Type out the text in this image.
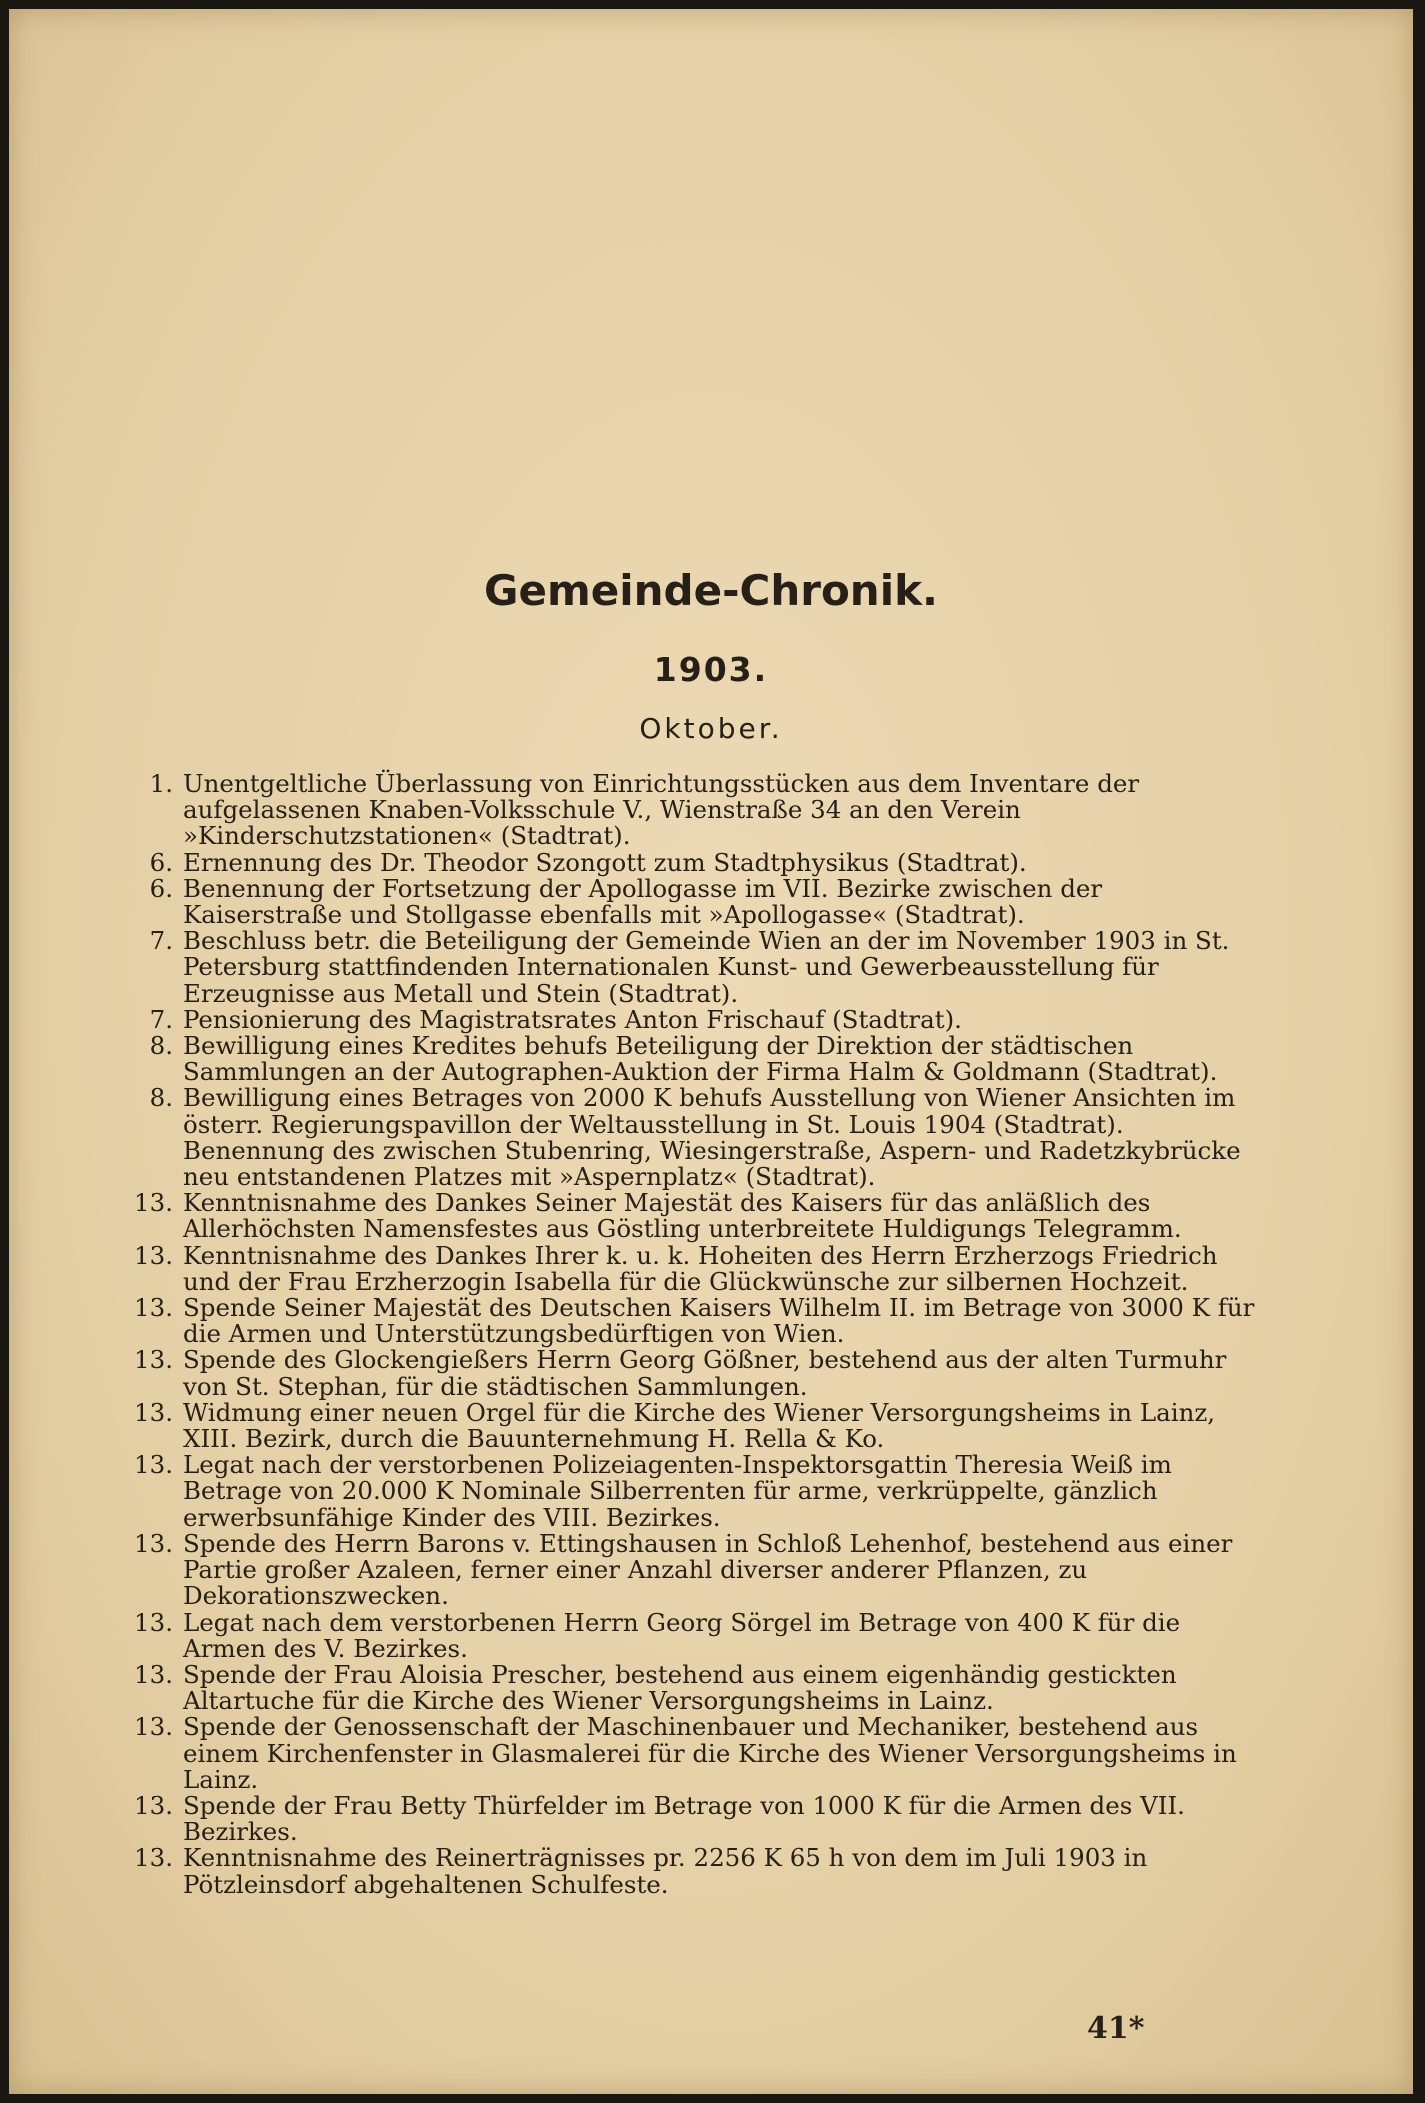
Gemeinde-Chronik.
1903.
Oktober.

1. Unentgeltliche Überlassung von Einrichtungsstücken aus dem Inventare der aufgelassenen Knaben-Volksschule V., Wienstraße 34 an den Verein »Kinderschutzstationen« (Stadtrat).

6. Ernennung des Dr. Theodor Szongott zum Stadtphysikus (Stadtrat).

6. Benennung der Fortsetzung der Apollogasse im VII. Bezirke zwischen der Kaiserstraße und Stollgasse ebenfalls mit »Apollogasse« (Stadtrat).

7. Beschluss betr. die Beteiligung der Gemeinde Wien an der im November 1903 in St. Petersburg stattfindenden Internationalen Kunst- und Gewerbeausstellung für Erzeugnisse aus Metall und Stein (Stadtrat).

7. Pensionierung des Magistratsrates Anton Frischauf (Stadtrat).

8. Bewilligung eines Kredites behufs Beteiligung der Direktion der städtischen Sammlungen an der Autographen-Auktion der Firma Halm & Goldmann (Stadtrat).

8. Bewilligung eines Betrages von 2000 K behufs Ausstellung von Wiener Ansichten im österr. Regierungspavillon der Weltausstellung in St. Louis 1904 (Stadtrat).

Benennung des zwischen Stubenring, Wiesingerstraße, Aspern- und Radetzkybrücke neu entstandenen Platzes mit »Aspernplatz« (Stadtrat).

13. Kenntnisnahme des Dankes Seiner Majestät des Kaisers für das anläßlich des Allerhöchsten Namensfestes aus Göstling unterbreitete Huldigungs Telegramm.

13. Kenntnisnahme des Dankes Ihrer k. u. k. Hoheiten des Herrn Erzherzogs Friedrich und der Frau Erzherzogin Isabella für die Glückwünsche zur silbernen Hochzeit.

13. Spende Seiner Majestät des Deutschen Kaisers Wilhelm II. im Betrage von 3000 K für die Armen und Unterstützungsbedürftigen von Wien.

13. Spende des Glockengießers Herrn Georg Gößner, bestehend aus der alten Turmuhr von St. Stephan, für die städtischen Sammlungen.

13. Widmung einer neuen Orgel für die Kirche des Wiener Versorgungsheims in Lainz, XIII. Bezirk, durch die Bauunternehmung H. Rella & Ko.

13. Legat nach der verstorbenen Polizeiagenten-Inspektorsgattin Theresia Weiß im Betrage von 20.000 K Nominale Silberrenten für arme, verkrüppelte, gänzlich erwerbsunfähige Kinder des VIII. Bezirkes.

13. Spende des Herrn Barons v. Ettingshausen in Schloß Lehenhof, bestehend aus einer Partie großer Azaleen, ferner einer Anzahl diverser anderer Pflanzen, zu Dekorationszwecken.

13. Legat nach dem verstorbenen Herrn Georg Sörgel im Betrage von 400 K für die Armen des V. Bezirkes.

13. Spende der Frau Aloisia Prescher, bestehend aus einem eigenhändig gestickten Altartuche für die Kirche des Wiener Versorgungsheims in Lainz.

13. Spende der Genossenschaft der Maschinenbauer und Mechaniker, bestehend aus einem Kirchenfenster in Glasmalerei für die Kirche des Wiener Versorgungsheims in Lainz.

13. Spende der Frau Betty Thürfelder im Betrage von 1000 K für die Armen des VII. Bezirkes.

13. Kenntnisnahme des Reinerträgnisses pr. 2256 K 65 h von dem im Juli 1903 in Pötzleinsdorf abgehaltenen Schulfeste.

41*
